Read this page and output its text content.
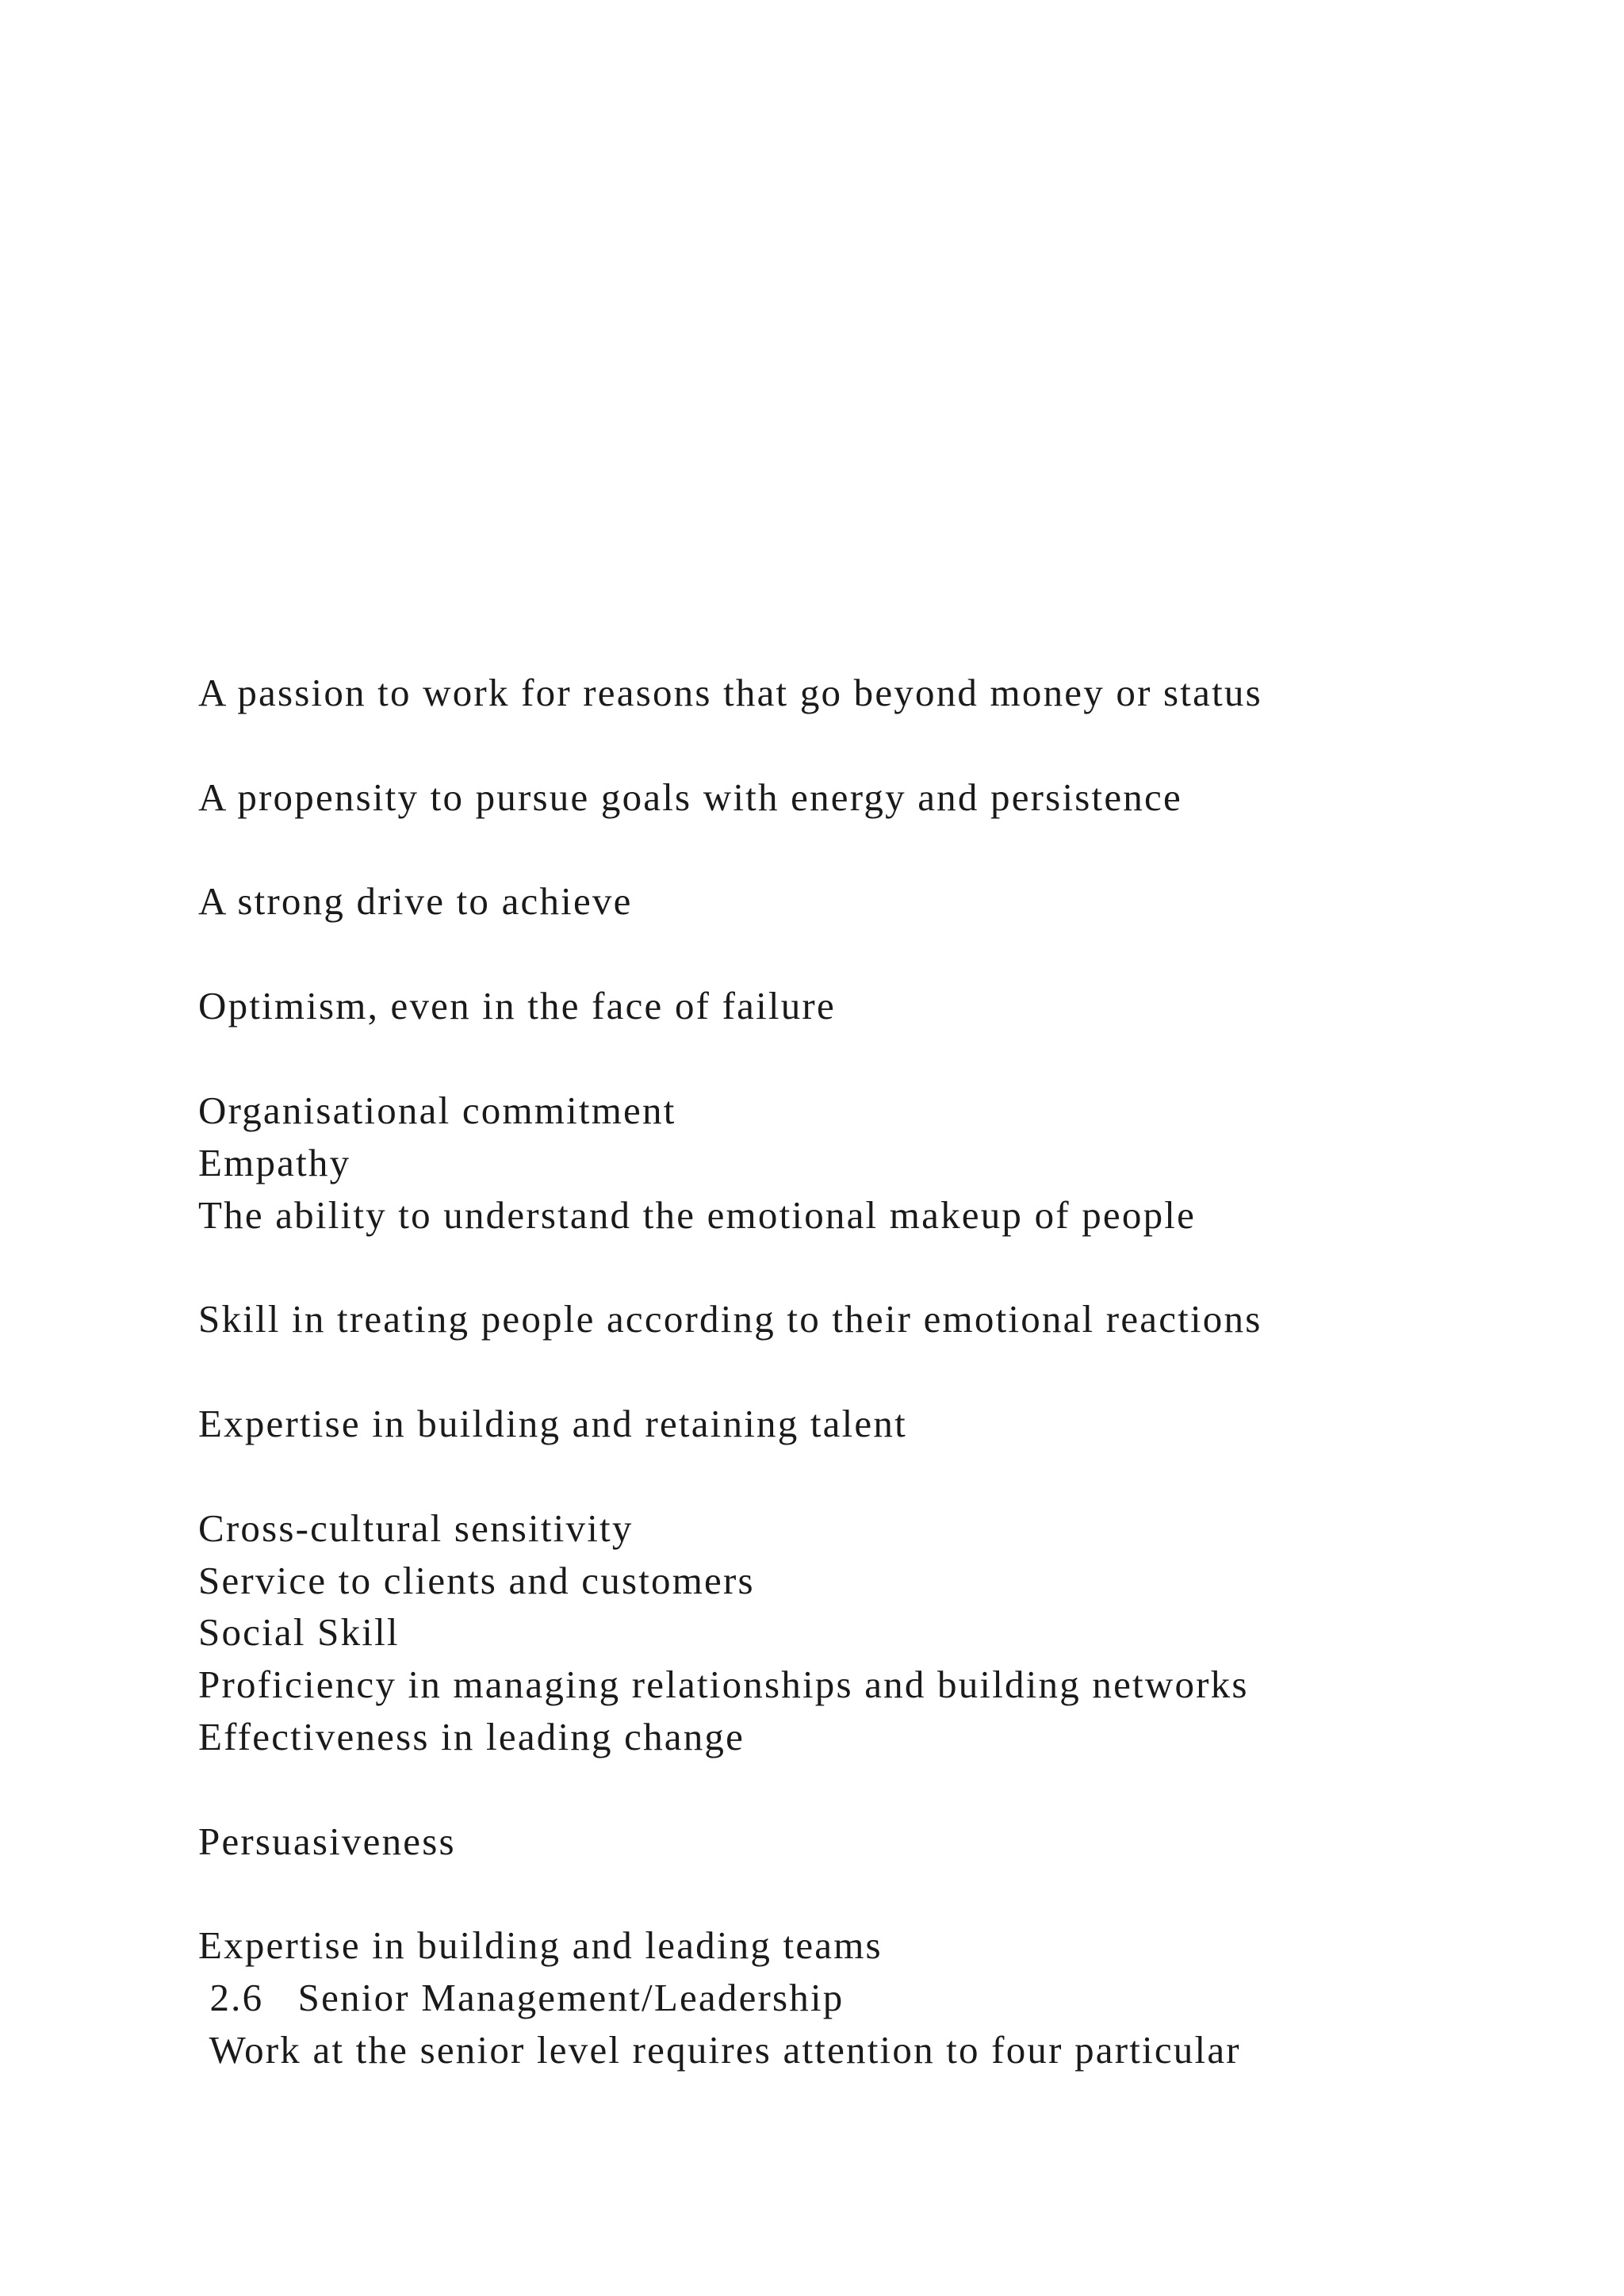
A passion to work for reasons that go beyond money or status

A propensity to pursue goals with energy and persistence

A strong drive to achieve

Optimism, even in the face of failure

Organisational commitment

Empathy

The ability to understand the emotional makeup of people

Skill in treating people according to their emotional reactions

Expertise in building and retaining talent

Cross-cultural sensitivity

Service to clients and customers

Social Skill

Proficiency in managing relationships and building networks

Effectiveness in leading change

Persuasiveness

Expertise in building and leading teams

2.6   Senior Management/Leadership

Work at the senior level requires attention to four particular
